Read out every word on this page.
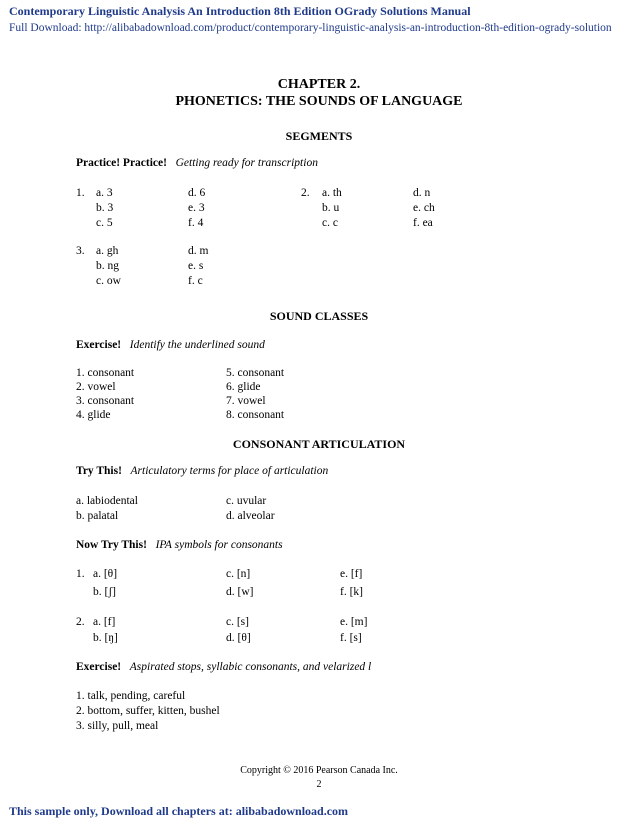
Contemporary Linguistic Analysis An Introduction 8th Edition OGrady Solutions Manual
Full Download: http://alibabadownload.com/product/contemporary-linguistic-analysis-an-introduction-8th-edition-ogrady-solution
CHAPTER 2.
PHONETICS: THE SOUNDS OF LANGUAGE
SEGMENTS
Practice! Practice! Getting ready for transcription
1. a. 3
b. 3
c. 5
d. 6
e. 3
f. 4
2. a. th
b. u
c. c
d. n
e. ch
f. ea
3. a. gh
b. ng
c. ow
d. m
e. s
f. c
SOUND CLASSES
Exercise! Identify the underlined sound
1. consonant
2. vowel
3. consonant
4. glide
5. consonant
6. glide
7. vowel
8. consonant
CONSONANT ARTICULATION
Try This! Articulatory terms for place of articulation
a. labiodental
b. palatal
c. uvular
d. alveolar
Now Try This! IPA symbols for consonants
1. a. [θ]
b. [ʃ]
c. [n]
d. [w]
e. [f]
f. [k]
2. a. [f]
b. [ŋ]
c. [s]
d. [θ]
e. [m]
f. [s]
Exercise! Aspirated stops, syllabic consonants, and velarized l
1. talk, pending, careful
2. bottom, suffer, kitten, bushel
3. silly, pull, meal
Copyright © 2016 Pearson Canada Inc.
2
This sample only, Download all chapters at: alibabadownload.com
